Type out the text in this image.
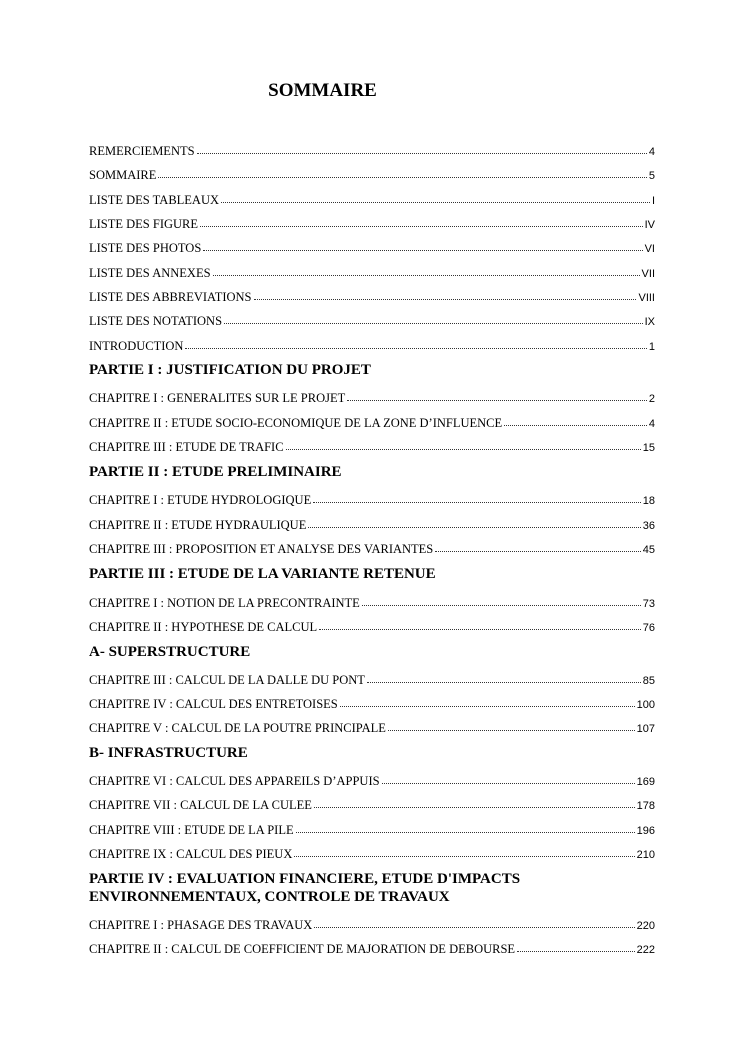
SOMMAIRE
REMERCIEMENTS	4
SOMMAIRE	5
LISTE DES TABLEAUX	I
LISTE DES FIGURE	IV
LISTE DES PHOTOS	VI
LISTE DES ANNEXES	VII
LISTE DES ABBREVIATIONS	VIII
LISTE DES NOTATIONS	IX
INTRODUCTION	1
PARTIE I : JUSTIFICATION DU PROJET
CHAPITRE I : GENERALITES SUR LE PROJET	2
CHAPITRE II : ETUDE SOCIO-ECONOMIQUE DE LA ZONE D’INFLUENCE	4
CHAPITRE III : ETUDE DE TRAFIC	15
PARTIE II : ETUDE PRELIMINAIRE
CHAPITRE I : ETUDE HYDROLOGIQUE	18
CHAPITRE II : ETUDE HYDRAULIQUE	36
CHAPITRE III : PROPOSITION ET ANALYSE DES VARIANTES	45
PARTIE III : ETUDE DE LA VARIANTE RETENUE
CHAPITRE I : NOTION DE LA PRECONTRAINTE	73
CHAPITRE II : HYPOTHESE DE CALCUL	76
A- SUPERSTRUCTURE
CHAPITRE III : CALCUL DE LA DALLE DU PONT	85
CHAPITRE IV : CALCUL DES ENTRETOISES	100
CHAPITRE V : CALCUL DE LA POUTRE PRINCIPALE	107
B- INFRASTRUCTURE
CHAPITRE VI : CALCUL DES APPAREILS D’APPUIS	169
CHAPITRE VII : CALCUL DE LA CULEE	178
CHAPITRE VIII : ETUDE DE LA PILE	196
CHAPITRE IX : CALCUL DES PIEUX	210
PARTIE IV : EVALUATION FINANCIERE, ETUDE D'IMPACTS
ENVIRONNEMENTAUX, CONTROLE DE TRAVAUX
CHAPITRE I : PHASAGE DES TRAVAUX	220
CHAPITRE II : CALCUL DE COEFFICIENT DE MAJORATION DE DEBOURSE	222
